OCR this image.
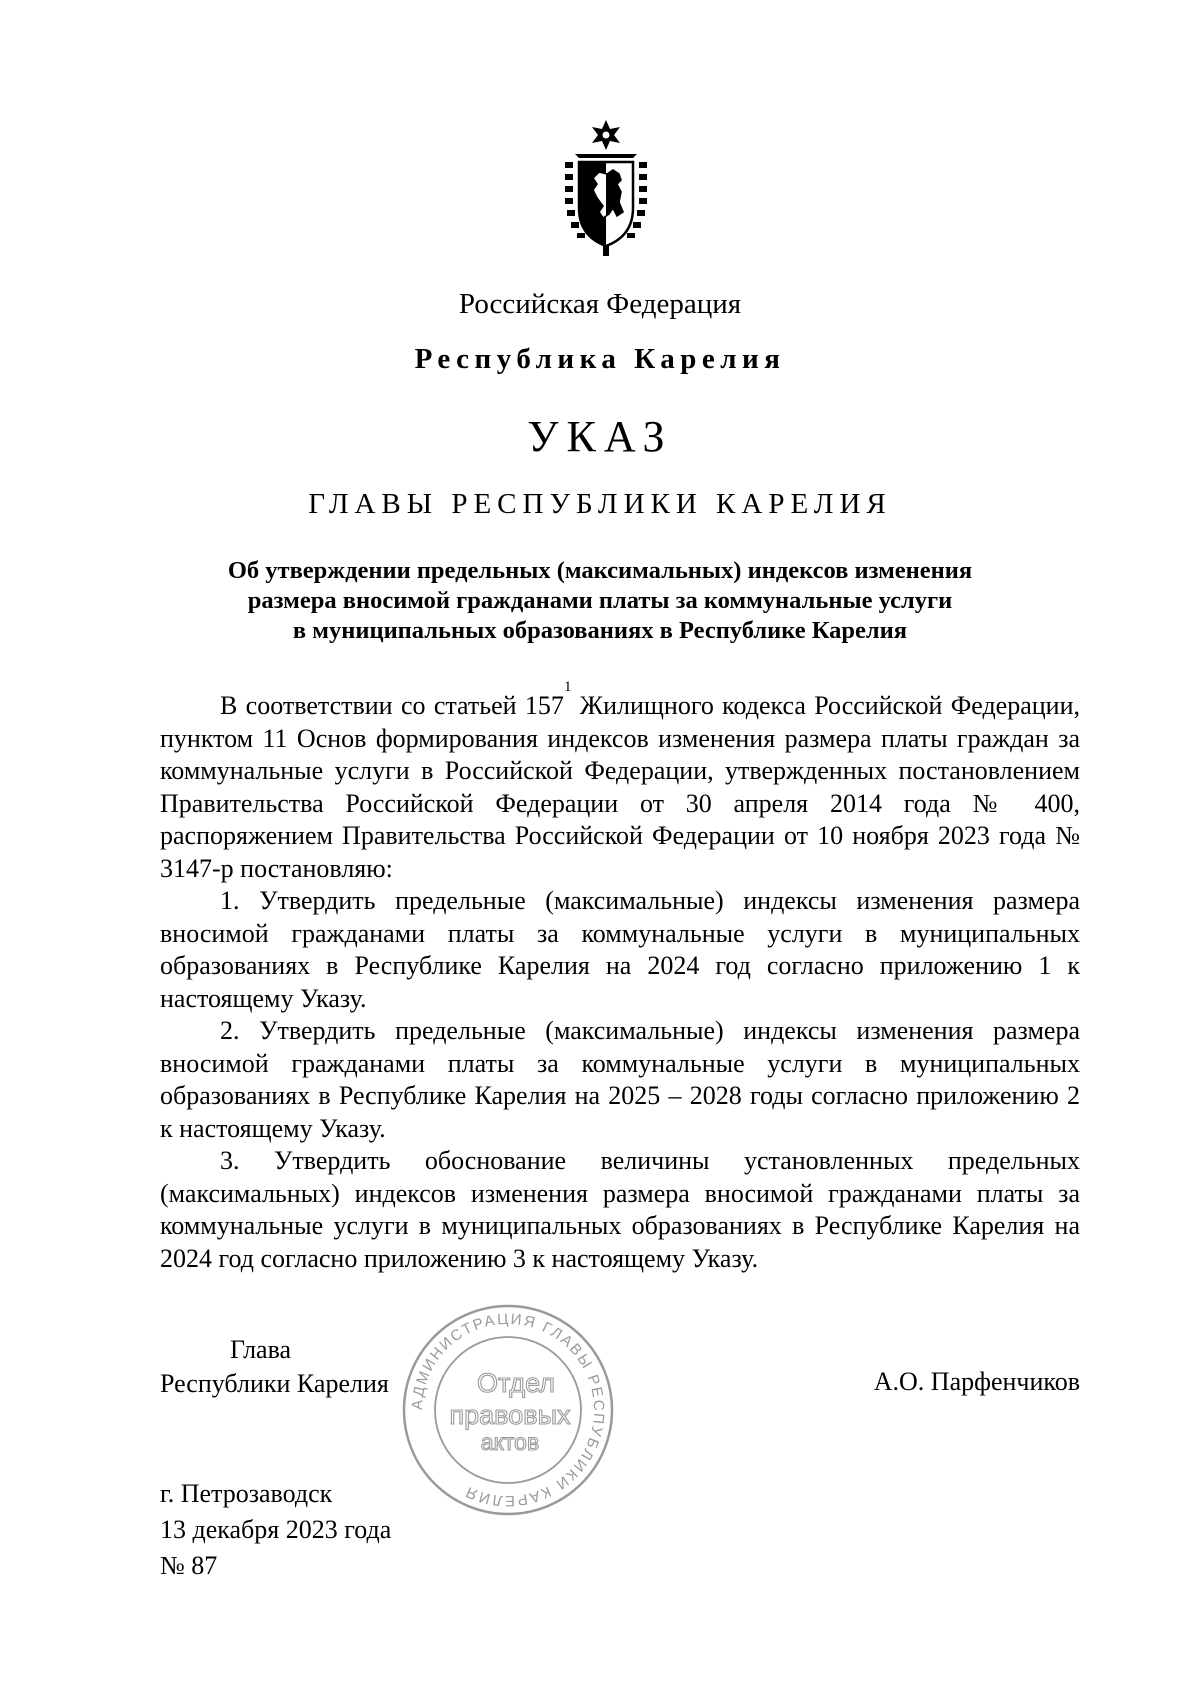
Российская Федерация
Республика Карелия
УКАЗ
ГЛАВЫ РЕСПУБЛИКИ КАРЕЛИЯ
Об утверждении предельных (максимальных) индексов изменения
размера вносимой гражданами платы за коммунальные услуги
в муниципальных образованиях в Республике Карелия

В соответствии со статьей $157^1$ Жилищного кодекса Российской Федерации, пунктом 11 Основ формирования индексов изменения размера платы граждан за коммунальные услуги в Российской Федерации, утвержденных постановлением Правительства Российской Федерации от 30 апреля 2014 года № 400, распоряжением Правительства Российской Федерации от 10 ноября 2023 года № 3147-р постановляю:

1. Утвердить предельные (максимальные) индексы изменения размера вносимой гражданами платы за коммунальные услуги в муниципальных образованиях в Республике Карелия на 2024 год согласно приложению 1 к настоящему Указу.

2. Утвердить предельные (максимальные) индексы изменения размера вносимой гражданами платы за коммунальные услуги в муниципальных образованиях в Республике Карелия на 2025 – 2028 годы согласно приложению 2 к настоящему Указу.

3. Утвердить обоснование величины установленных предельных (максимальных) индексов изменения размера вносимой гражданами платы за коммунальные услуги в муниципальных образованиях в Республике Карелия на 2024 год согласно приложению 3 к настоящему Указу.

Глава
Республики Карелия
АДМИНИСТРАЦИЯ ГЛАВЫ РЕСПУБЛИКИ КАРЕЛИЯ
Отдел
правовых
актов
А.О. Парфенчиков
г. Петрозаводск
13 декабря 2023 года
№ 87
